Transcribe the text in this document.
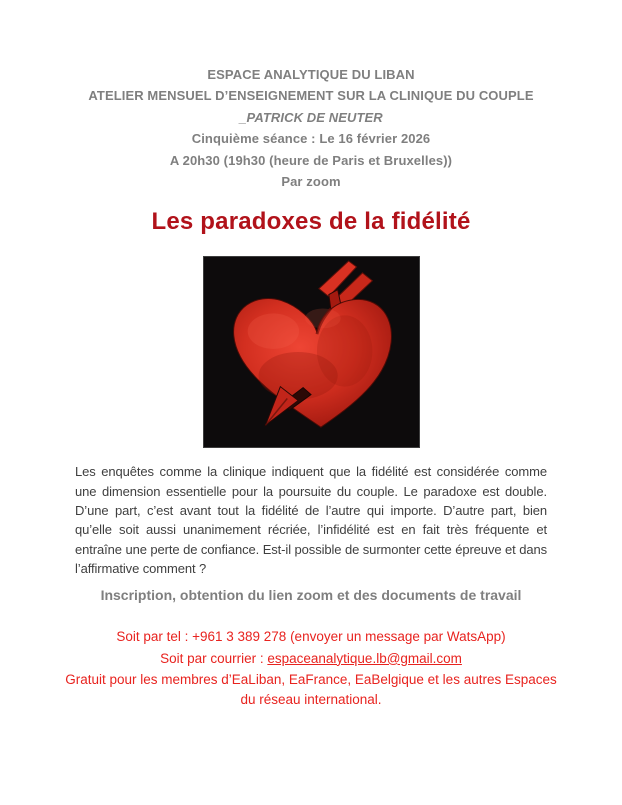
ESPACE ANALYTIQUE DU LIBAN
ATELIER MENSUEL D’ENSEIGNEMENT SUR LA CLINIQUE DU COUPLE
_PATRICK DE NEUTER
Cinquième séance : Le 16 février 2026
A 20h30 (19h30 (heure de Paris et Bruxelles))
Par zoom
Les paradoxes de la fidélité

Les enquêtes comme la clinique indiquent que la fidélité est considérée comme une dimension essentielle pour la poursuite du couple. Le paradoxe est double. D’une part, c’est avant tout la fidélité de l’autre qui importe. D’autre part, bien qu’elle soit aussi unanimement récriée, l’infidélité est en fait très fréquente et entraîne une perte de confiance. Est-il possible de surmonter cette épreuve et dans l’affirmative comment ?

Inscription, obtention du lien zoom et des documents de travail
Soit par tel : +961 3 389 278 (envoyer un message par WatsApp)
Soit par courrier : espaceanalytique.lb@gmail.com
Gratuit pour les membres d’EaLiban, EaFrance, EaBelgique et les autres Espaces du réseau international.
